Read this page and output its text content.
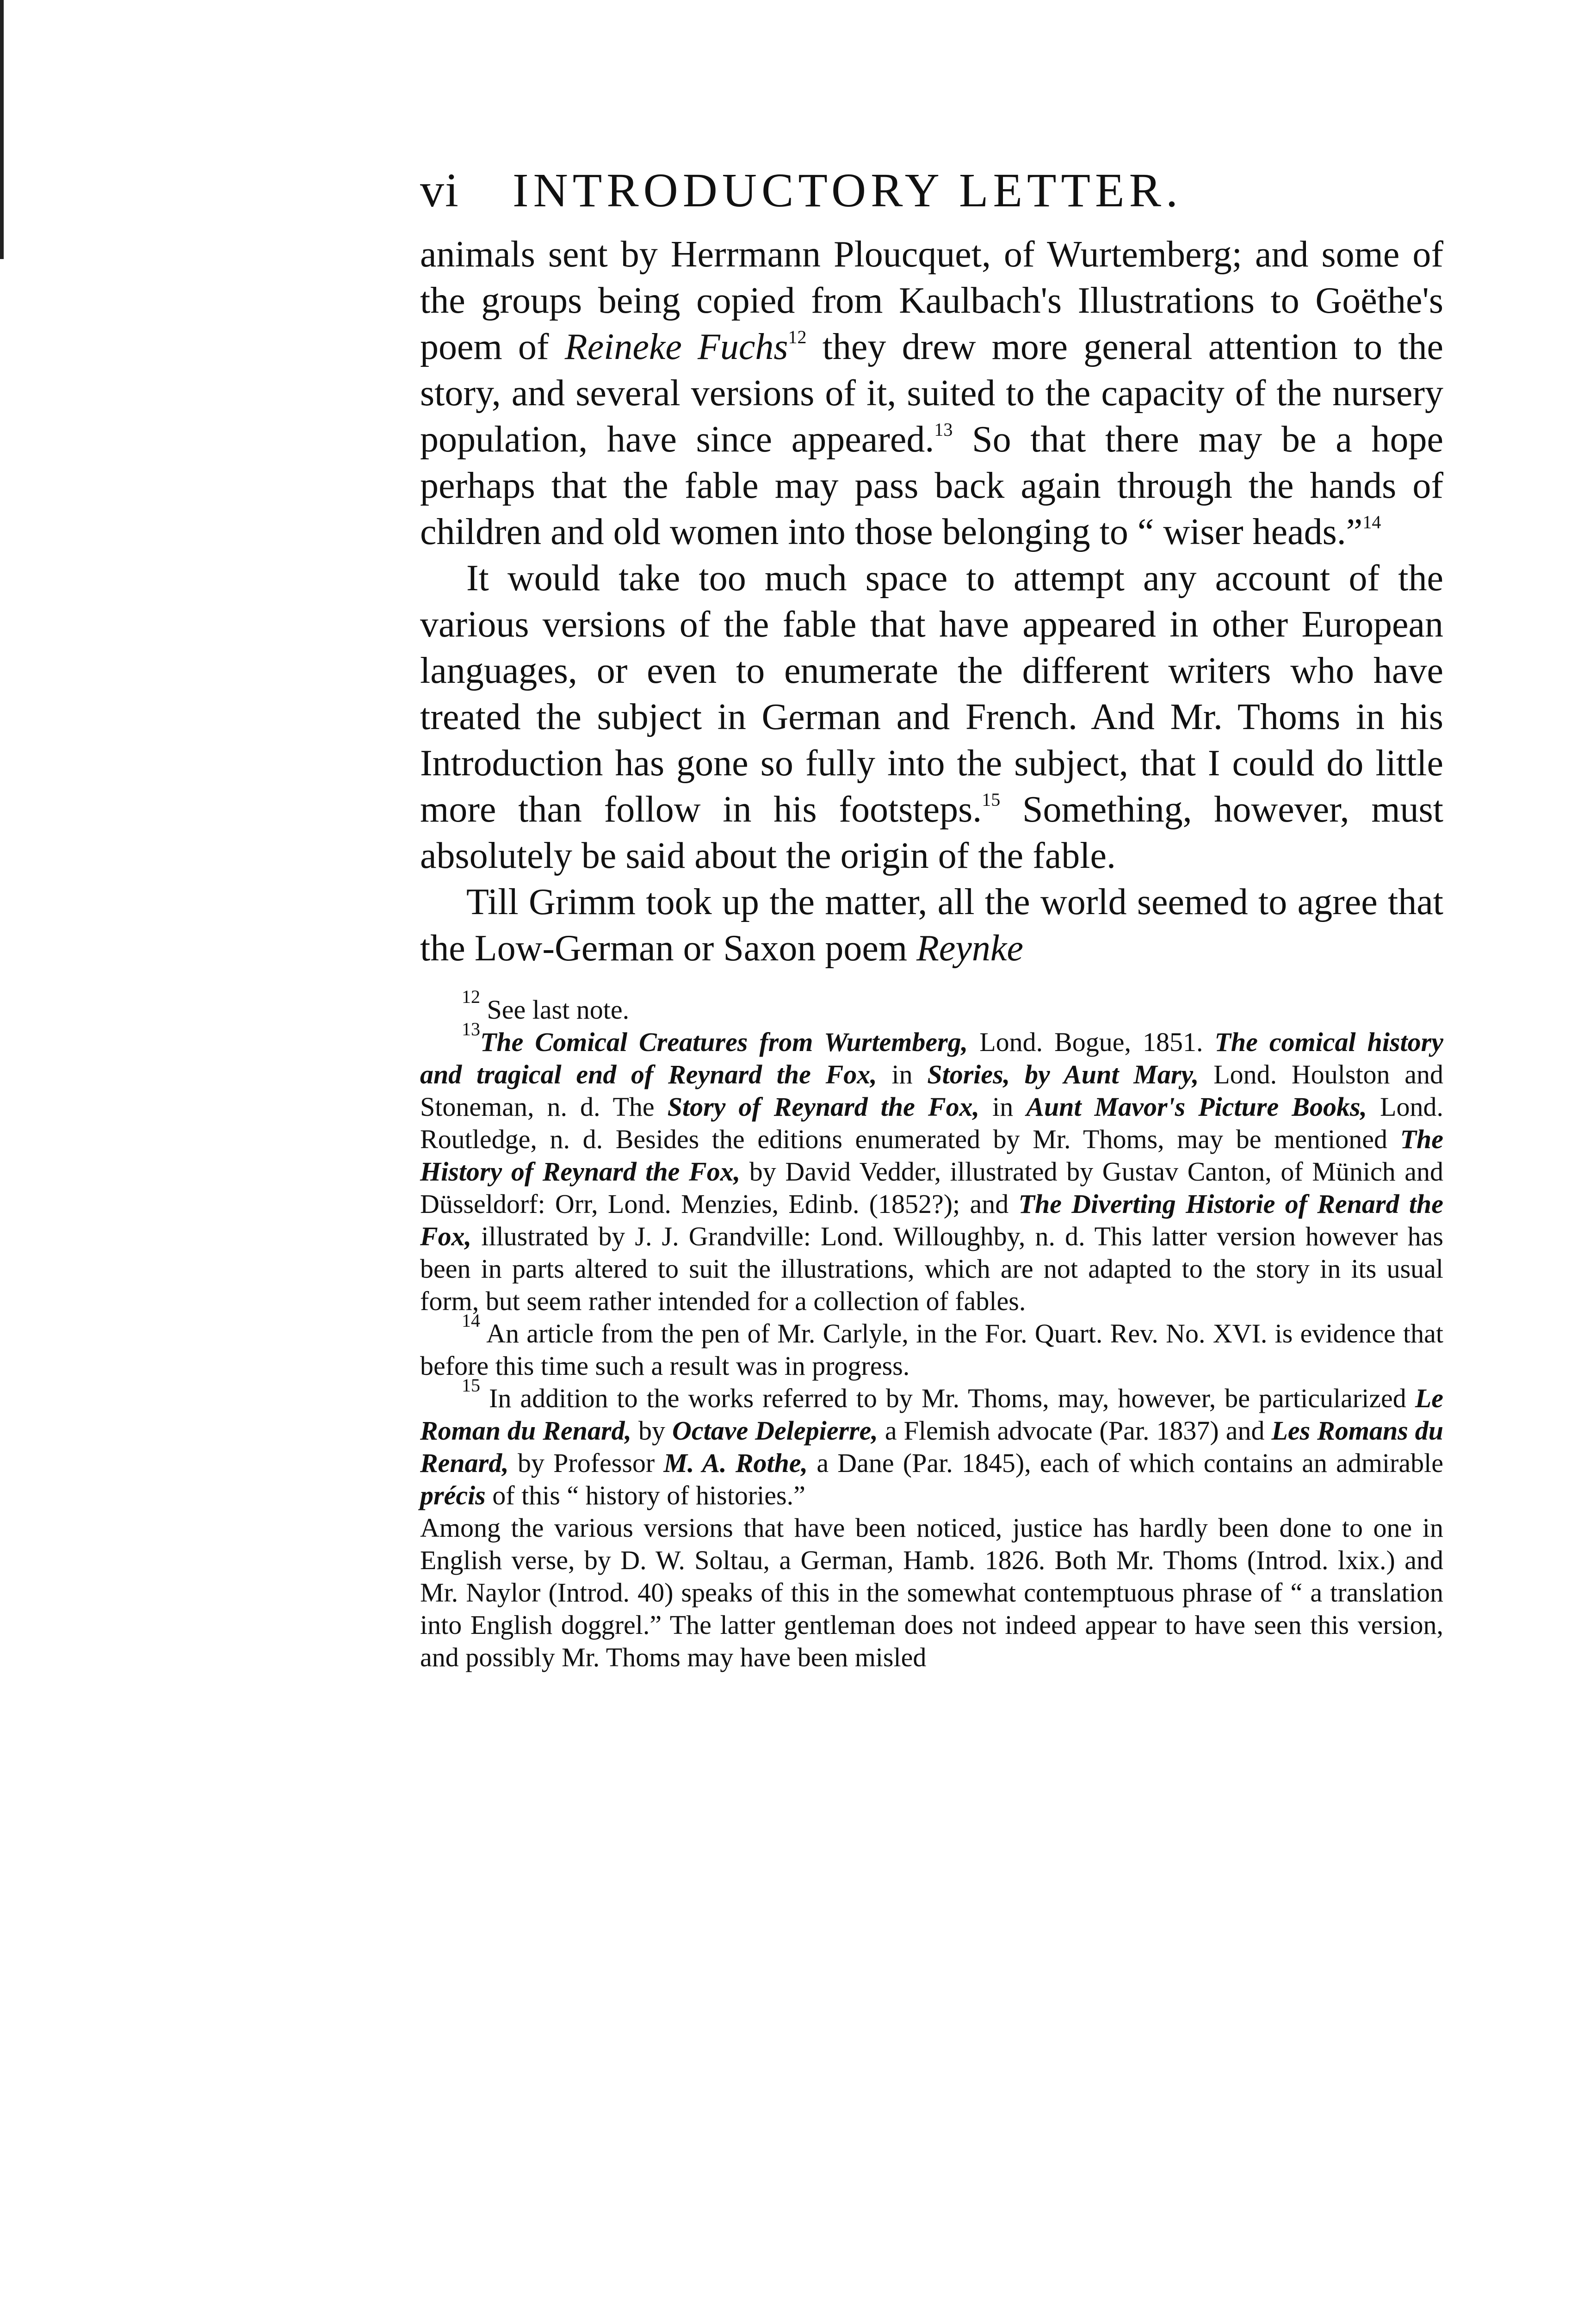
vi	INTRODUCTORY LETTER.

animals sent by Herrmann Ploucquet, of Wurtemberg; and some of the groups being copied from Kaulbach's Illustrations to Goëthe's poem of Reineke Fuchs$^{12}$ they drew more general attention to the story, and several versions of it, suited to the capacity of the nursery population, have since appeared.$^{13}$ So that there may be a hope perhaps that the fable may pass back again through the hands of children and old women into those belonging to “ wiser heads.”$^{14}$

It would take too much space to attempt any account of the various versions of the fable that have appeared in other European languages, or even to enumerate the different writers who have treated the subject in German and French. And Mr. Thoms in his Introduction has gone so fully into the subject, that I could do little more than follow in his footsteps.$^{15}$ Something, however, must absolutely be said about the origin of the fable.

Till Grimm took up the matter, all the world seemed to agree that the Low-German or Saxon poem Reynke

$^{12}$ See last note.

$^{13}$The Comical Creatures from Wurtemberg, Lond. Bogue, 1851. The comical history and tragical end of Reynard the Fox, in Stories, by Aunt Mary, Lond. Houlston and Stoneman, n. d. The Story of Reynard the Fox, in Aunt Mavor's Picture Books, Lond. Routledge, n. d. Besides the editions enumerated by Mr. Thoms, may be mentioned The History of Reynard the Fox, by David Vedder, illustrated by Gustav Canton, of Münich and Düsseldorf: Orr, Lond. Menzies, Edinb. (1852?); and The Diverting Historie of Renard the Fox, illustrated by J. J. Grandville: Lond. Willoughby, n. d. This latter version however has been in parts altered to suit the illustrations, which are not adapted to the story in its usual form, but seem rather intended for a collection of fables.

$^{14}$ An article from the pen of Mr. Carlyle, in the For. Quart. Rev. No. XVI. is evidence that before this time such a result was in progress.

$^{15}$ In addition to the works referred to by Mr. Thoms, may, however, be particularized Le Roman du Renard, by Octave Delepierre, a Flemish advocate (Par. 1837) and Les Romans du Renard, by Professor M. A. Rothe, a Dane (Par. 1845), each of which contains an admirable précis of this “ history of histories.”

Among the various versions that have been noticed, justice has hardly been done to one in English verse, by D. W. Soltau, a German, Hamb. 1826. Both Mr. Thoms (Introd. lxix.) and Mr. Naylor (Introd. 40) speaks of this in the somewhat contemptuous phrase of “ a translation into English doggrel.” The latter gentleman does not indeed appear to have seen this version, and possibly Mr. Thoms may have been misled
